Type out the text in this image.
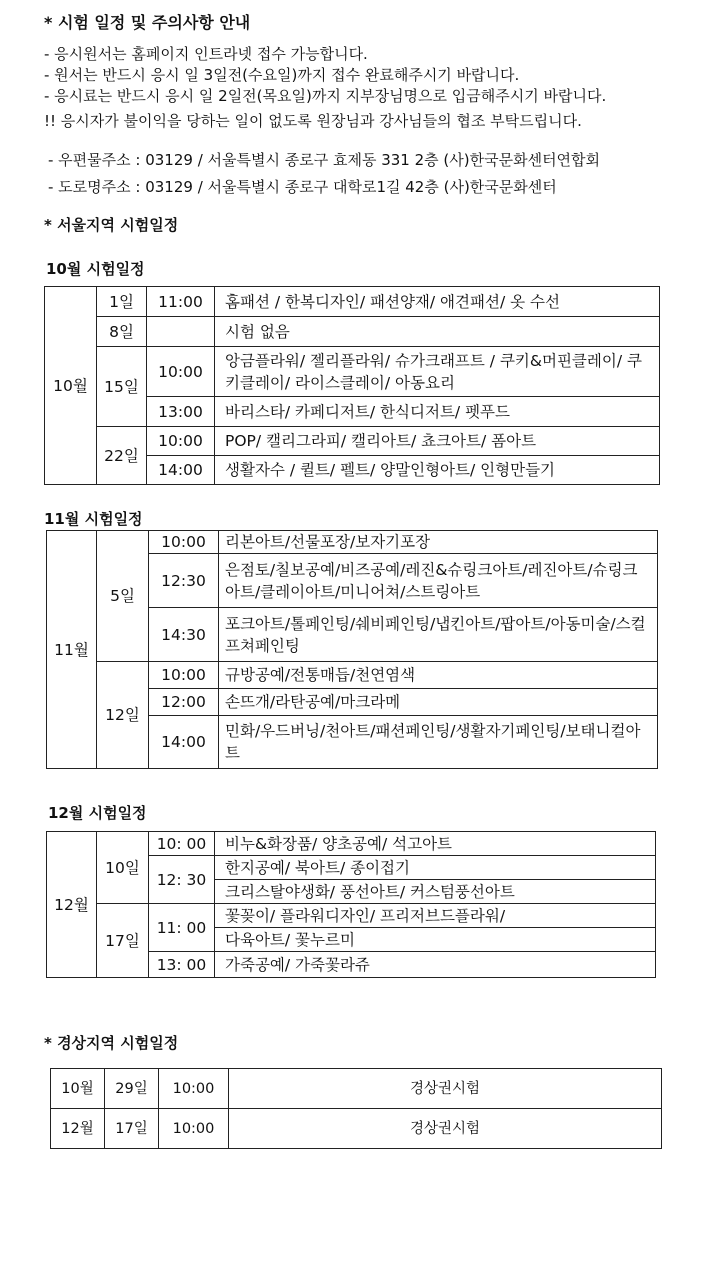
* 시험 일정 및 주의사항 안내
- 응시원서는 홈페이지 인트라넷 접수 가능합니다.
- 원서는 반드시 응시 일 3일전(수요일)까지 접수 완료해주시기 바랍니다.
- 응시료는 반드시 응시 일 2일전(목요일)까지 지부장님명으로 입금해주시기 바랍니다.
!! 응시자가 불이익을 당하는 일이 없도록 원장님과 강사님들의 협조 부탁드립니다.
- 우편물주소 : 03129 / 서울특별시 종로구 효제동 331 2층 (사)한국문화센터연합회
- 도로명주소 : 03129 / 서울특별시 종로구 대학로1길 42층 (사)한국문화센터
* 서울지역 시험일정
10월 시험일정
10월	1일	11:00	홈패션 / 한복디자인/ 패션양재/ 애견패션/ 옷 수선
	8일		시험 없음
	15일	10:00	앙금플라워/ 젤리플라워/ 슈가크래프트 / 쿠키&머핀클레이/ 쿠키클레이/ 라이스클레이/ 아동요리
		13:00	바리스타/ 카페디저트/ 한식디저트/ 펫푸드
	22일	10:00	POP/ 캘리그라피/ 캘리아트/ 쵸크아트/ 폼아트
		14:00	생활자수 / 퀼트/ 펠트/ 양말인형아트/ 인형만들기
11월 시험일정
11월	5일	10:00	리본아트/선물포장/보자기포장
		12:30	은점토/칠보공예/비즈공예/레진&슈링크아트/레진아트/슈링크아트/클레이아트/미니어쳐/스트링아트
		14:30	포크아트/톨페인팅/쉐비페인팅/냅킨아트/팝아트/아동미술/스컬프쳐페인팅
	12일	10:00	규방공예/전통매듭/천연염색
		12:00	손뜨개/라탄공예/마크라메
		14:00	민화/우드버닝/천아트/패션페인팅/생활자기페인팅/보태니컬아트
12월 시험일정
12월	10일	10: 00	비누&화장품/ 양초공예/ 석고아트
		12: 30	한지공예/ 북아트/ 종이접기
			크리스탈야생화/ 풍선아트/ 커스텀풍선아트
	17일	11: 00	꽃꽂이/ 플라워디자인/ 프리저브드플라워/
			다육아트/ 꽃누르미
		13: 00	가죽공예/ 가죽꽃라쥬
* 경상지역 시험일정
10월	29일	10:00	경상권시험
12월	17일	10:00	경상권시험
